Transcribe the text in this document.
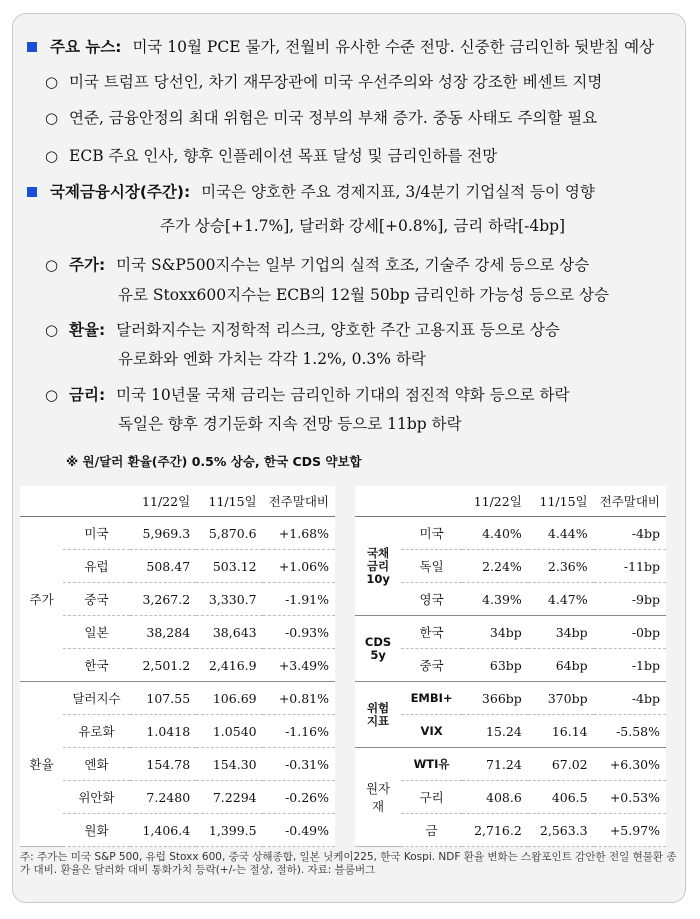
주요 뉴스: 미국 10월 PCE 물가, 전월비 유사한 수준 전망. 신중한 금리인하 뒷받침 예상
○ 미국 트럼프 당선인, 차기 재무장관에 미국 우선주의와 성장 강조한 베센트 지명
○ 연준, 금융안정의 최대 위험은 미국 정부의 부채 증가. 중동 사태도 주의할 필요
○ ECB 주요 인사, 향후 인플레이션 목표 달성 및 금리인하를 전망
국제금융시장(주간): 미국은 양호한 주요 경제지표, 3/4분기 기업실적 등이 영향
주가 상승[+1.7%], 달러화 강세[+0.8%], 금리 하락[-4bp]
○ 주가: 미국 S&P500지수는 일부 기업의 실적 호조, 기술주 강세 등으로 상승
유로 Stoxx600지수는 ECB의 12월 50bp 금리인하 가능성 등으로 상승
○ 환율: 달러화지수는 지정학적 리스크, 양호한 주간 고용지표 등으로 상승
유로화와 엔화 가치는 각각 1.2%, 0.3% 하락
○ 금리: 미국 10년물 국채 금리는 금리인하 기대의 점진적 약화 등으로 하락
독일은 향후 경기둔화 지속 전망 등으로 11bp 하락
※ 원/달러 환율(주간) 0.5% 상승, 한국 CDS 약보합
		11/22일	11/15일	전주말대비
주가	미국	5,969.3	5,870.6	+1.68%
	유럽	508.47	503.12	+1.06%
	중국	3,267.2	3,330.7	-1.91%
	일본	38,284	38,643	-0.93%
	한국	2,501.2	2,416.9	+3.49%
환율	달러지수	107.55	106.69	+0.81%
	유로화	1.0418	1.0540	-1.16%
	엔화	154.78	154.30	-0.31%
	위안화	7.2480	7.2294	-0.26%
	원화	1,406.4	1,399.5	-0.49%
		11/22일	11/15일	전주말대비
국채
금리
10y	미국	4.40%	4.44%	-4bp
	독일	2.24%	2.36%	-11bp
	영국	4.39%	4.47%	-9bp
CDS
5y	한국	34bp	34bp	-0bp
	중국	63bp	64bp	-1bp
위험
지표	EMBI+	366bp	370bp	-4bp
	VIX	15.24	16.14	-5.58%
원자재	WTI유	71.24	67.02	+6.30%
	구리	408.6	406.5	+0.53%
	금	2,716.2	2,563.3	+5.97%
주: 주가는 미국 S&P 500, 유럽 Stoxx 600, 중국 상해종합, 일본 닛케이225, 한국 Kospi. NDF 환율 변화는 스왑포인트 감안한 전일 현물환 종가 대비. 환율은 달러화 대비 통화가치 등락(+/-는 절상, 절하). 자료: 블룸버그
